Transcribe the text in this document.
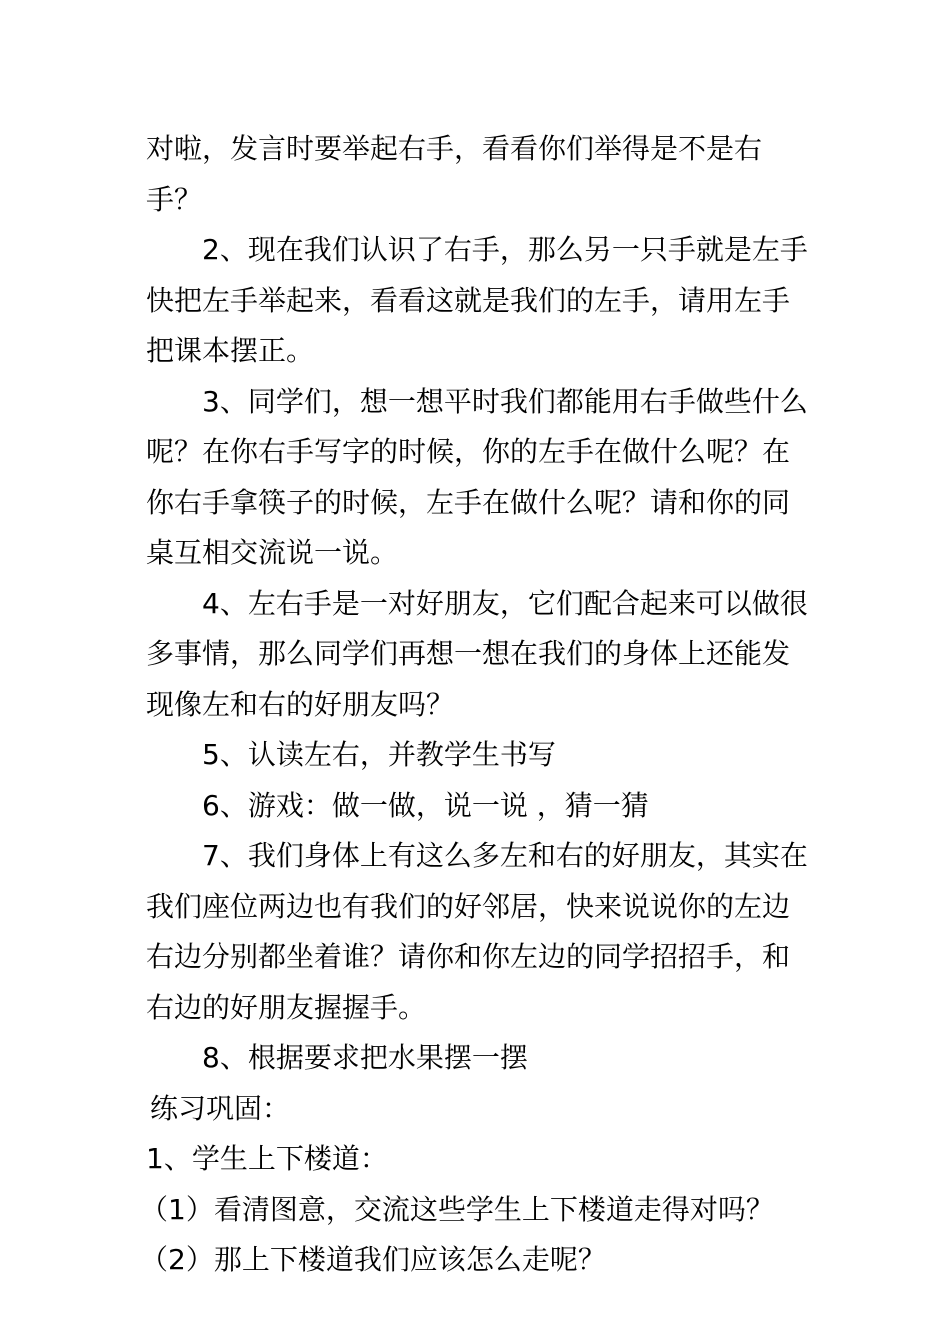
对啦，发言时要举起右手，看看你们举得是不是右手？

2、现在我们认识了右手，那么另一只手就是左手快把左手举起来，看看这就是我们的左手，请用左手把课本摆正。

3、同学们，想一想平时我们都能用右手做些什么呢？在你右手写字的时候，你的左手在做什么呢？在你右手拿筷子的时候，左手在做什么呢？请和你的同桌互相交流说一说。

4、左右手是一对好朋友，它们配合起来可以做很多事情，那么同学们再想一想在我们的身体上还能发现像左和右的好朋友吗？

5、认读左右，并教学生书写

6、游戏：做一做，说一说 ，猜一猜

7、我们身体上有这么多左和右的好朋友，其实在我们座位两边也有我们的好邻居，快来说说你的左边右边分别都坐着谁？请你和你左边的同学招招手，和右边的好朋友握握手。

8、根据要求把水果摆一摆

练习巩固：

1、学生上下楼道：

（1）看清图意，交流这些学生上下楼道走得对吗？

（2）那上下楼道我们应该怎么走呢？
